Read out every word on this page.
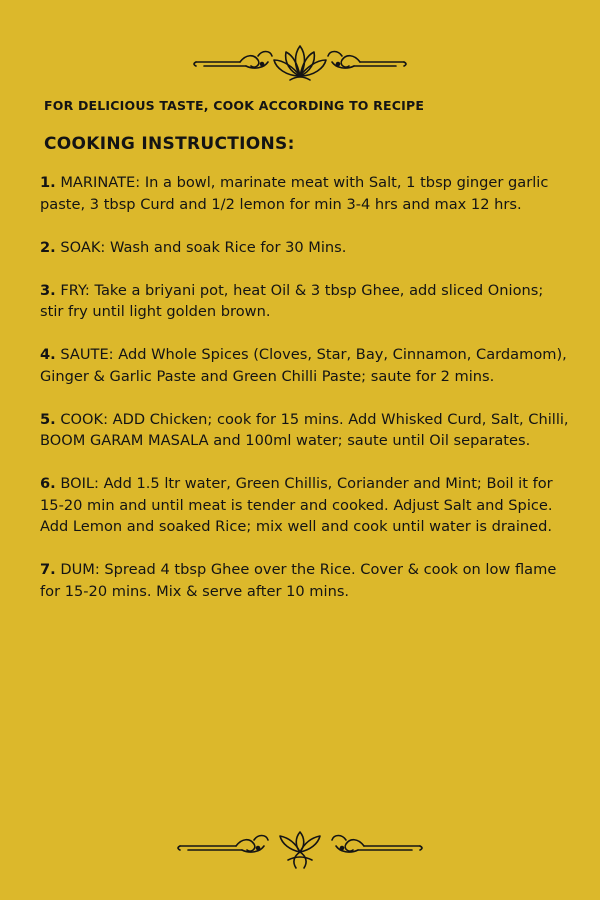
FOR DELICIOUS TASTE, COOK ACCORDING TO RECIPE
COOKING INSTRUCTIONS:
1. MARINATE: In a bowl, marinate meat with Salt, 1 tbsp ginger garlic paste, 3 tbsp Curd and 1/2 lemon for min 3-4 hrs and max 12 hrs.
2. SOAK: Wash and soak Rice for 30 Mins.
3. FRY: Take a briyani pot, heat Oil & 3 tbsp Ghee, add sliced Onions; stir fry until light golden brown.
4. SAUTE: Add Whole Spices (Cloves, Star, Bay, Cinnamon, Cardamom), Ginger & Garlic Paste and Green Chilli Paste; saute for 2 mins.
5. COOK: ADD Chicken; cook for 15 mins. Add Whisked Curd, Salt, Chilli, BOOM GARAM MASALA and 100ml water; saute until Oil separates.
6. BOIL: Add 1.5 ltr water, Green Chillis, Coriander and Mint; Boil it for 15-20 min and until meat is tender and cooked. Adjust Salt and Spice. Add Lemon and soaked Rice; mix well and cook until water is drained.
7. DUM: Spread 4 tbsp Ghee over the Rice. Cover & cook on low flame for 15-20 mins. Mix & serve after 10 mins.
